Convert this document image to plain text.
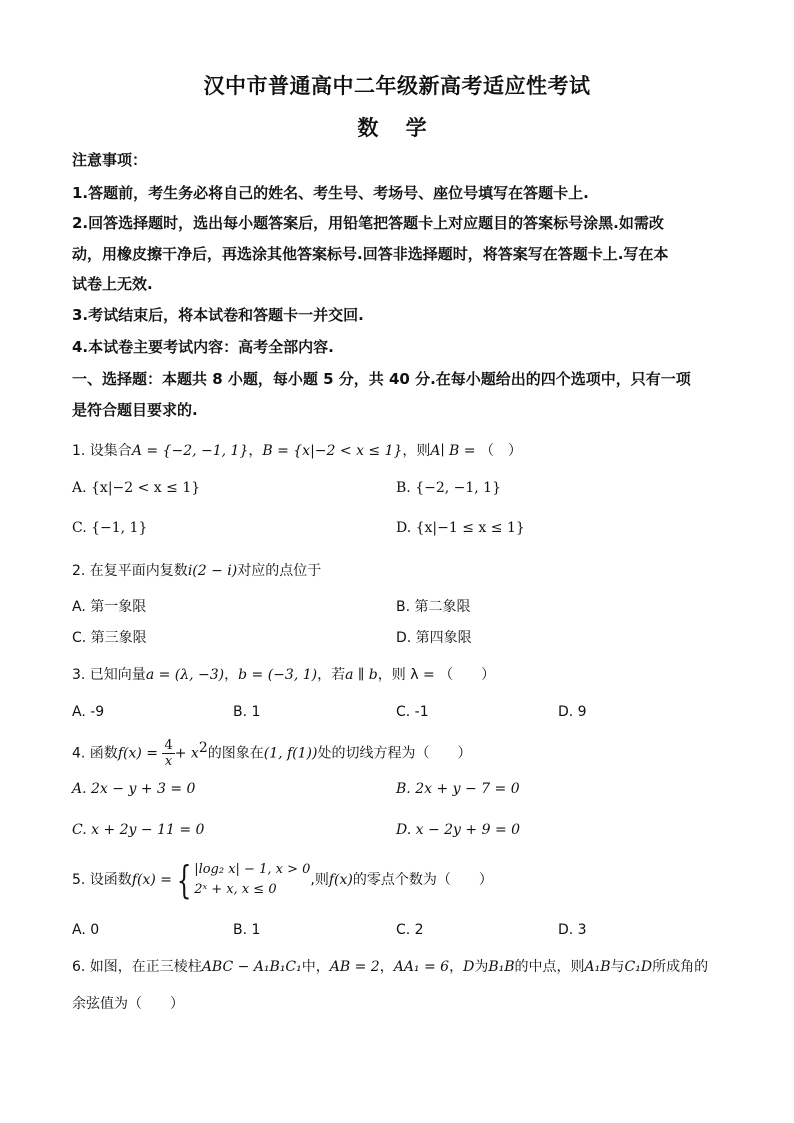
汉中市普通高中二年级新高考适应性考试
数 学
注意事项：
1.答题前，考生务必将自己的姓名、考生号、考场号、座位号填写在答题卡上.
2.回答选择题时，选出每小题答案后，用铅笔把答题卡上对应题目的答案标号涂黑.如需改
动，用橡皮擦干净后，再选涂其他答案标号.回答非选择题时，将答案写在答题卡上.写在本
试卷上无效.
3.考试结束后，将本试卷和答题卡一并交回.
4.本试卷主要考试内容：高考全部内容.
一、选择题：本题共 8 小题，每小题 5 分，共 40 分.在每小题给出的四个选项中，只有一项
是符合题目要求的.
1. 设集合A = {−2, −1, 1}，B = {x|−2 < x ≤ 1}，则A∣ B = （　）
A. {x|−2 < x ≤ 1}	B. {−2, −1, 1}
C. {−1, 1}	D. {x|−1 ≤ x ≤ 1}
2. 在复平面内复数i(2 − i)对应的点位于
A. 第一象限	B. 第二象限
C. 第三象限	D. 第四象限
3. 已知向量a = (λ, −3)，b = (−3, 1)，若a ∥ b，则 λ = （　　）
A. -9	B. 1	C. -1	D. 9
4. 函数$f(x) = \frac{4}{x} + x^2$的图象在(1, f(1))处的切线方程为（　　）
A. 2x − y + 3 = 0	B. 2x + y − 7 = 0
C. x + 2y − 11 = 0	D. x − 2y + 9 = 0
5. 设函数f(x) = { |log₂ x| − 1, x > 0
2ˣ + x, x ≤ 0
,则f(x)的零点个数为（　　）
A. 0	B. 1	C. 2	D. 3
6. 如图，在正三棱柱ABC − A₁B₁C₁中，AB = 2，AA₁ = 6，D为B₁B的中点，则A₁B与C₁D所成角的
余弦值为（　　）
